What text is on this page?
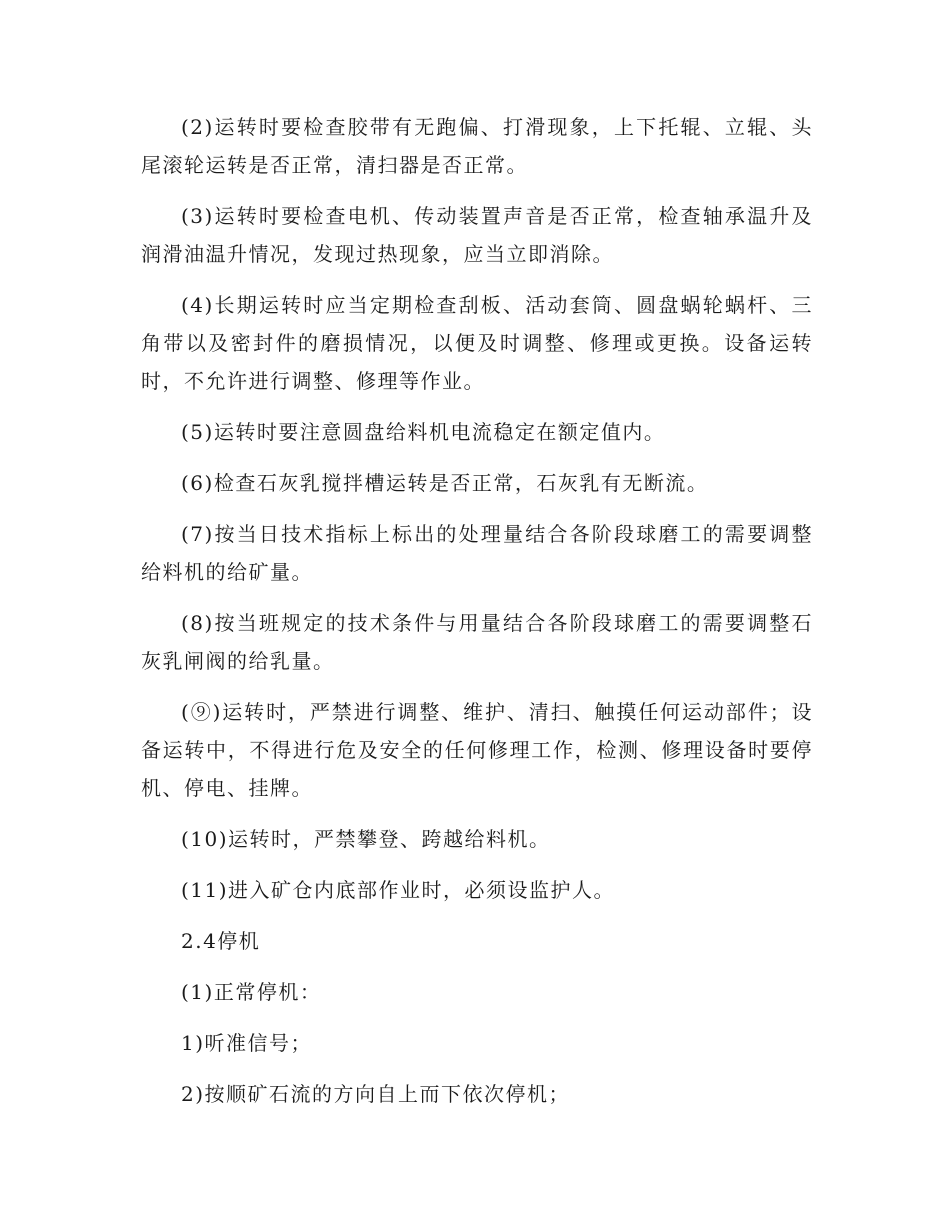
(2)运转时要检查胶带有无跑偏、打滑现象，上下托辊、立辊、头尾滚轮运转是否正常，清扫器是否正常。

(3)运转时要检查电机、传动装置声音是否正常，检查轴承温升及润滑油温升情况，发现过热现象，应当立即消除。

(4)长期运转时应当定期检查刮板、活动套筒、圆盘蜗轮蜗杆、三角带以及密封件的磨损情况，以便及时调整、修理或更换。设备运转时，不允许进行调整、修理等作业。

(5)运转时要注意圆盘给料机电流稳定在额定值内。

(6)检查石灰乳搅拌槽运转是否正常，石灰乳有无断流。

(7)按当日技术指标上标出的处理量结合各阶段球磨工的需要调整给料机的给矿量。

(8)按当班规定的技术条件与用量结合各阶段球磨工的需要调整石灰乳闸阀的给乳量。

(⑨)运转时，严禁进行调整、维护、清扫、触摸任何运动部件；设备运转中，不得进行危及安全的任何修理工作，检测、修理设备时要停机、停电、挂牌。

(10)运转时，严禁攀登、跨越给料机。

(11)进入矿仓内底部作业时，必须设监护人。

2.4停机

(1)正常停机：

1)听准信号；

2)按顺矿石流的方向自上而下依次停机；
